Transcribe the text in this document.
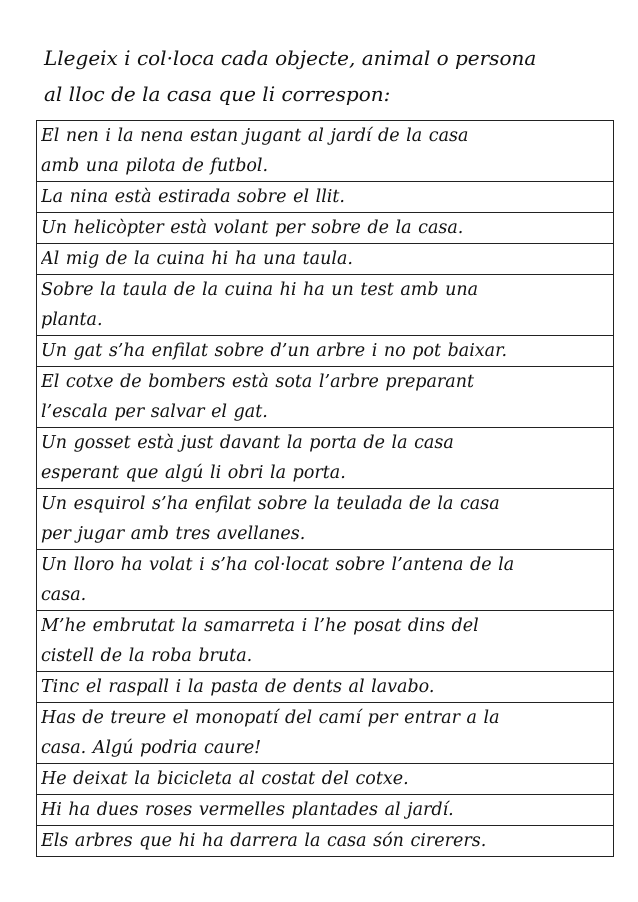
Llegeix i col·loca cada objecte, animal o persona
al lloc de la casa que li correspon:
El nen i la nena estan jugant al jardí de la casa
amb una pilota de futbol.

La nina està estirada sobre el llit.

Un helicòpter està volant per sobre de la casa.

Al mig de la cuina hi ha una taula.

Sobre la taula de la cuina hi ha un test amb una
planta.

Un gat s’ha enfilat sobre d’un arbre i no pot baixar.

El cotxe de bombers està sota l’arbre preparant
l’escala per salvar el gat.

Un gosset està just davant la porta de la casa
esperant que algú li obri la porta.

Un esquirol s’ha enfilat sobre la teulada de la casa
per jugar amb tres avellanes.

Un lloro ha volat i s’ha col·locat sobre l’antena de la
casa.

M’he embrutat la samarreta i l’he posat dins del
cistell de la roba bruta.

Tinc el raspall i la pasta de dents al lavabo.

Has de treure el monopatí del camí per entrar a la
casa. Algú podria caure!

He deixat la bicicleta al costat del cotxe.

Hi ha dues roses vermelles plantades al jardí.

Els arbres que hi ha darrera la casa són cirerers.
